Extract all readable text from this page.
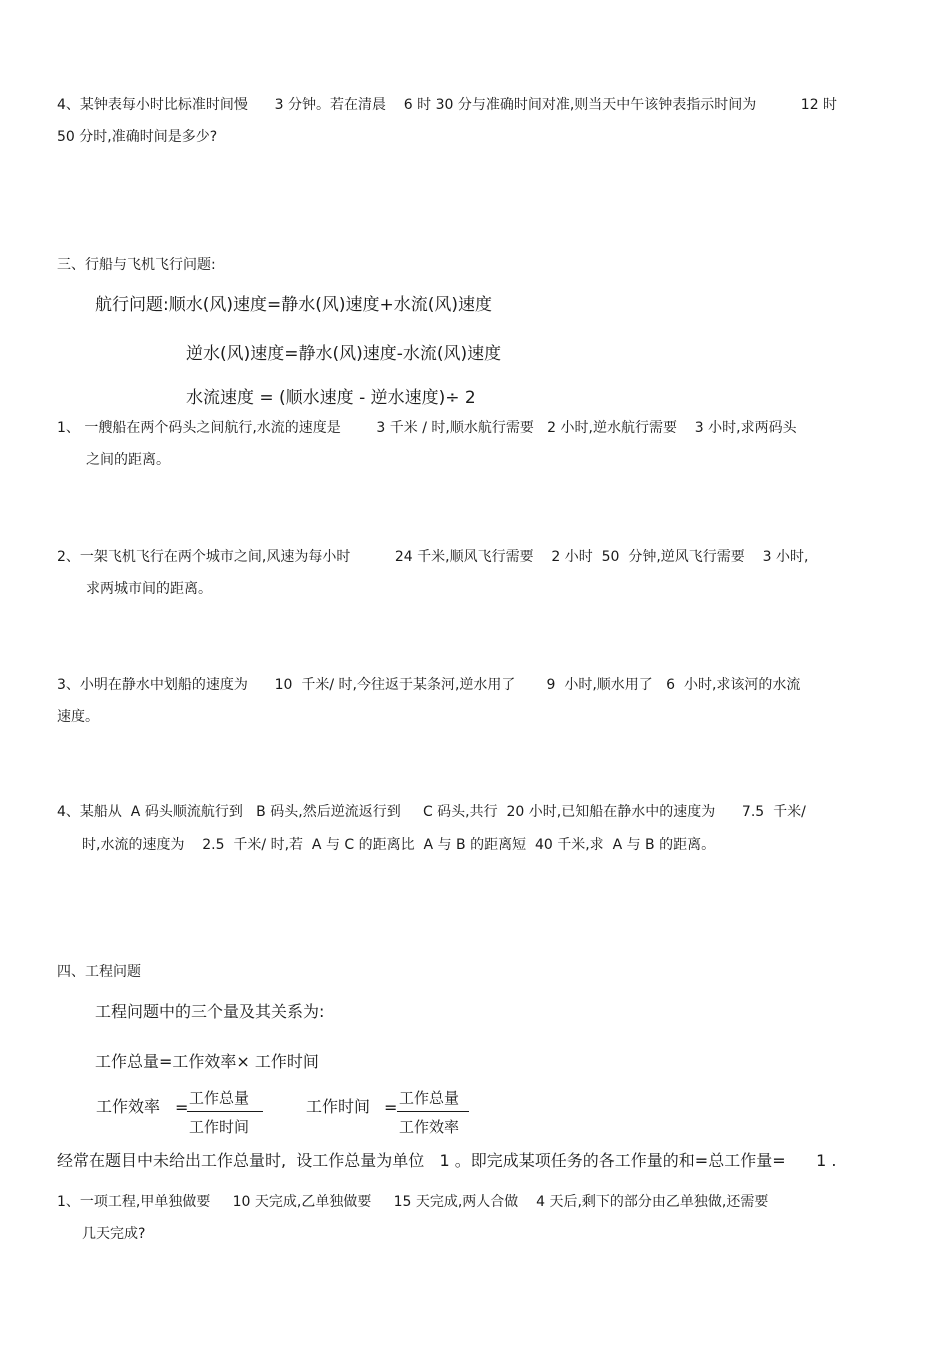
4、某钟表每小时比标准时间慢      3 分钟。若在清晨    6 时 30 分与准确时间对准,则当天中午该钟表指示时间为          12 时
50 分时,准确时间是多少?
三、行船与飞机飞行问题:
航行问题:顺水(风)速度=静水(风)速度+水流(风)速度
逆水(风)速度=静水(风)速度-水流(风)速度
水流速度 = (顺水速度 - 逆水速度)÷ 2
1、 一艘船在两个码头之间航行,水流的速度是        3 千米 / 时,顺水航行需要   2 小时,逆水航行需要    3 小时,求两码头
之间的距离。
2、一架飞机飞行在两个城市之间,风速为每小时          24 千米,顺风飞行需要    2 小时  50  分钟,逆风飞行需要    3 小时,
求两城市间的距离。
3、小明在静水中划船的速度为      10  千米/ 时,今往返于某条河,逆水用了       9  小时,顺水用了   6  小时,求该河的水流
速度。
4、某船从  A 码头顺流航行到   B 码头,然后逆流返行到     C 码头,共行  20 小时,已知船在静水中的速度为      7.5  千米/
时,水流的速度为    2.5  千米/ 时,若  A 与 C 的距离比  A 与 B 的距离短  40 千米,求  A 与 B 的距离。
四、工程问题
工程问题中的三个量及其关系为:
工作总量=工作效率× 工作时间
工作效率 = 工作总量
工作时间
工作时间 = 工作总量
工作效率
经常在题目中未给出工作总量时,  设工作总量为单位   1 。即完成某项任务的各工作量的和=总工作量=      1 .
1、一项工程,甲单独做要     10 天完成,乙单独做要     15 天完成,两人合做    4 天后,剩下的部分由乙单独做,还需要
几天完成?
